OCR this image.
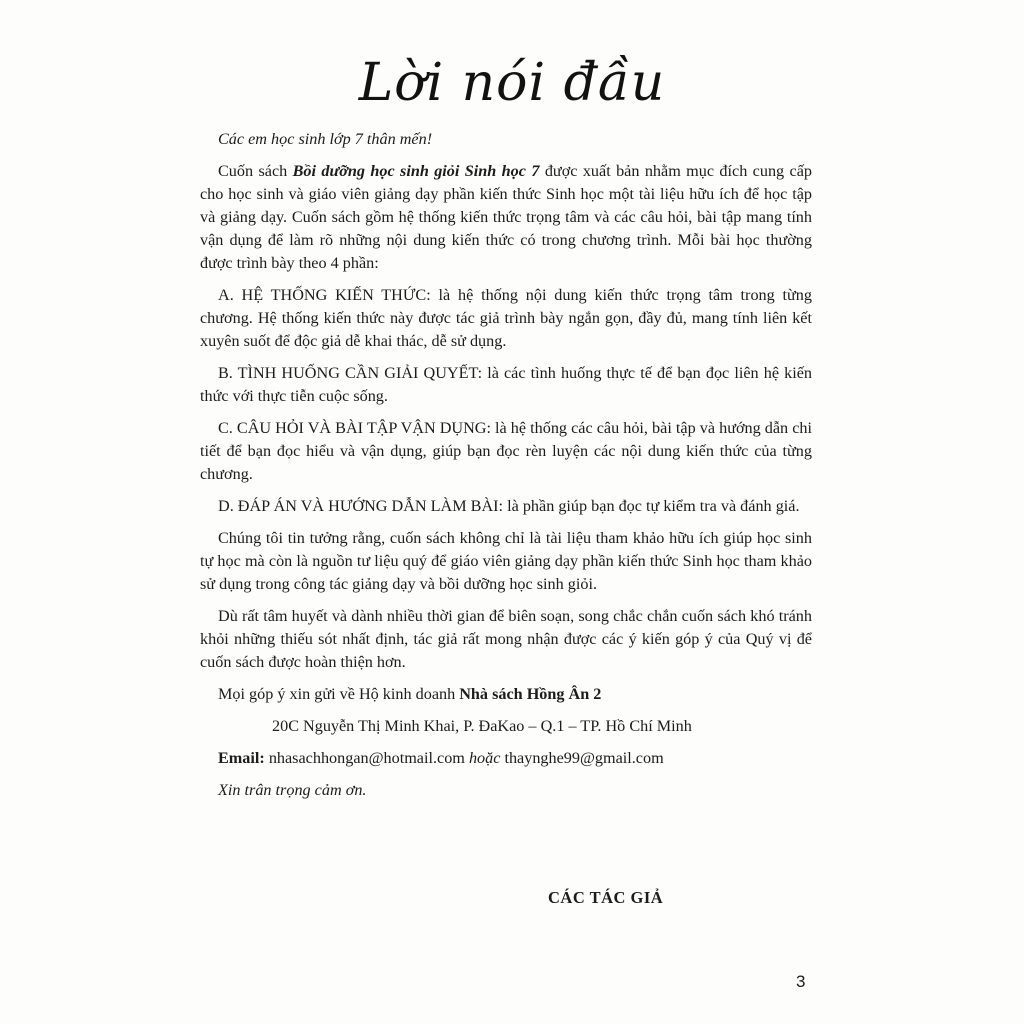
Lời nói đầu

Các em học sinh lớp 7 thân mến!

Cuốn sách Bồi dưỡng học sinh giỏi Sinh học 7 được xuất bản nhằm mục đích cung cấp cho học sinh và giáo viên giảng dạy phần kiến thức Sinh học một tài liệu hữu ích để học tập và giảng dạy. Cuốn sách gồm hệ thống kiến thức trọng tâm và các câu hỏi, bài tập mang tính vận dụng để làm rõ những nội dung kiến thức có trong chương trình. Mỗi bài học thường được trình bày theo 4 phần:

A. HỆ THỐNG KIẾN THỨC: là hệ thống nội dung kiến thức trọng tâm trong từng chương. Hệ thống kiến thức này được tác giả trình bày ngắn gọn, đầy đủ, mang tính liên kết xuyên suốt để độc giả dễ khai thác, dễ sử dụng.

B. TÌNH HUỐNG CẦN GIẢI QUYẾT: là các tình huống thực tế để bạn đọc liên hệ kiến thức với thực tiễn cuộc sống.

C. CÂU HỎI VÀ BÀI TẬP VẬN DỤNG: là hệ thống các câu hỏi, bài tập và hướng dẫn chi tiết để bạn đọc hiểu và vận dụng, giúp bạn đọc rèn luyện các nội dung kiến thức của từng chương.

D. ĐÁP ÁN VÀ HƯỚNG DẪN LÀM BÀI: là phần giúp bạn đọc tự kiểm tra và đánh giá.

Chúng tôi tin tưởng rằng, cuốn sách không chỉ là tài liệu tham khảo hữu ích giúp học sinh tự học mà còn là nguồn tư liệu quý để giáo viên giảng dạy phần kiến thức Sinh học tham khảo sử dụng trong công tác giảng dạy và bồi dưỡng học sinh giỏi.

Dù rất tâm huyết và dành nhiều thời gian để biên soạn, song chắc chắn cuốn sách khó tránh khỏi những thiếu sót nhất định, tác giả rất mong nhận được các ý kiến góp ý của Quý vị để cuốn sách được hoàn thiện hơn.

Mọi góp ý xin gửi về Hộ kinh doanh Nhà sách Hồng Ân 2

20C Nguyễn Thị Minh Khai, P. ĐaKao – Q.1 – TP. Hồ Chí Minh

Email: nhasachhongan@hotmail.com hoặc thaynghe99@gmail.com

Xin trân trọng cảm ơn.

CÁC TÁC GIẢ
3
